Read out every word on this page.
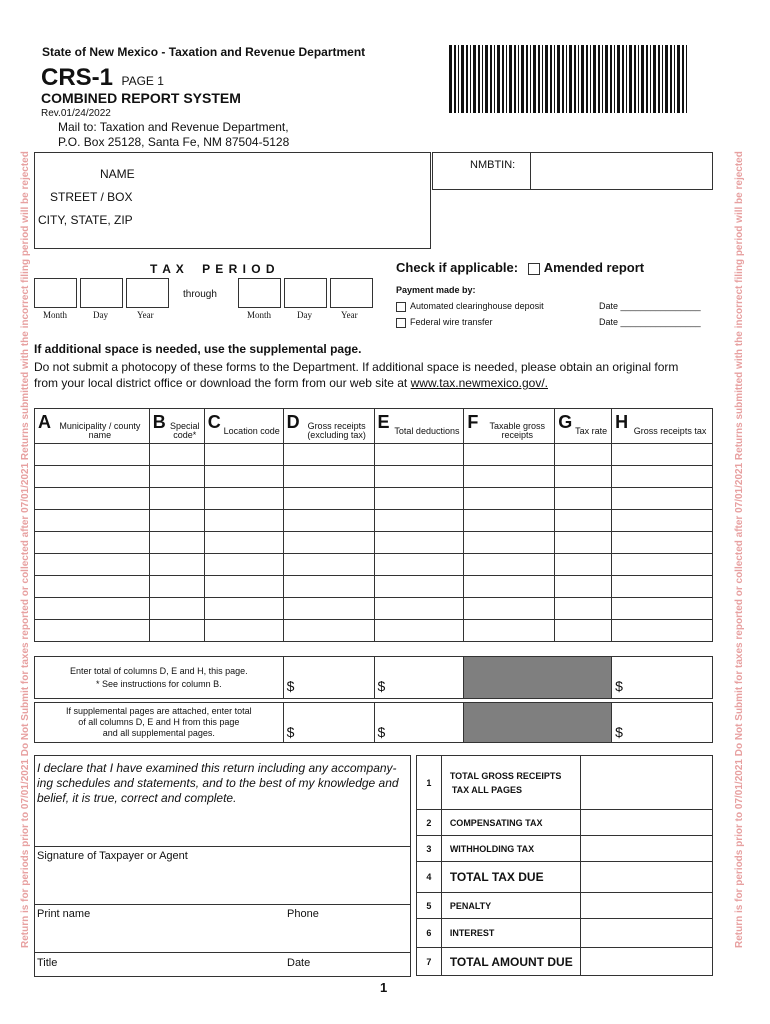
Return is for periods prior to 07/01/2021 Do Not Submit for taxes reported or collected after 07/01/2021 Returns submitted with the incorrect filing period will be rejected	Return is for periods prior to 07/01/2021 Do Not Submit for taxes reported or collected after 07/01/2021 Returns submitted with the incorrect filing period will be rejected
State of New Mexico - Taxation and Revenue Department
CRS-1 PAGE 1
COMBINED REPORT SYSTEM
Rev.01/24/2022
Mail to: Taxation and Revenue Department,
P.O. Box 25128, Santa Fe, NM 87504-5128
NAME
STREET / BOX
CITY, STATE, ZIP
NMBTIN:
T A X    P E R I O D
through
Month	Day	Year	Month	Day	Year
Check if applicable: Amended report
Payment made by:
Automated clearinghouse deposit
Federal wire transfer
Date ________________
Date ________________
If additional space is needed, use the supplemental page.
Do not submit a photocopy of these forms to the Department. If additional space is needed, please obtain an original form
from your local district office or download the form from our web site at www.tax.newmexico.gov/.
A Municipality / county name	B Special code*	C Location code	D Gross receipts (excluding tax)	E Total deductions	F Taxable gross receipts	G Tax rate	H Gross receipts tax

Enter total of columns D, E and H, this page.
* See instructions for column B.	$	$		$

If supplemental pages are attached, enter total
of all columns D, E and H from this page
and all supplemental pages.	$	$		$
I declare that I have examined this return including any accompany-ing schedules and statements, and to the best of my knowledge and belief, it is true, correct and complete.
Signature of Taxpayer or Agent
Print name	Phone
Title	Date
1	TOTAL GROSS RECEIPTS
TAX ALL PAGES	

2	COMPENSATING TAX	

3	WITHHOLDING TAX	

4	TOTAL TAX DUE	

5	PENALTY	

6	INTEREST	

7	TOTAL AMOUNT DUE	

1
